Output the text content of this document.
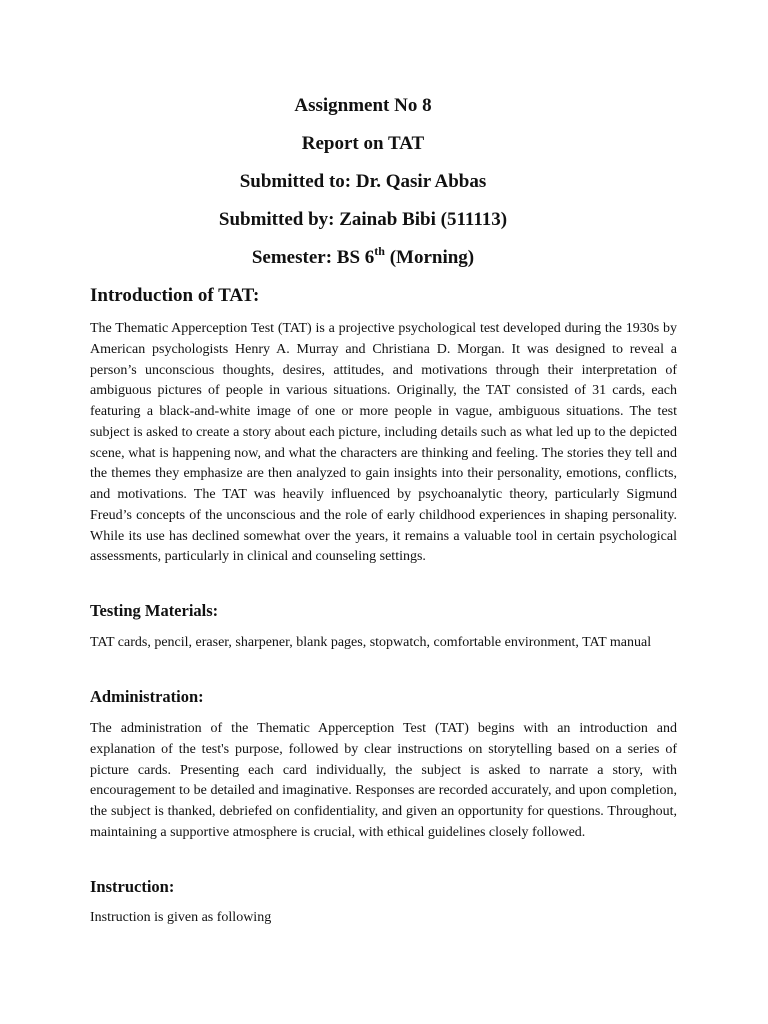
Assignment No 8
Report on TAT
Submitted to: Dr. Qasir Abbas
Submitted by: Zainab Bibi (511113)
Semester: BS 6th (Morning)
Introduction of TAT:

The Thematic Apperception Test (TAT) is a projective psychological test developed during the 1930s by American psychologists Henry A. Murray and Christiana D. Morgan. It was designed to reveal a person’s unconscious thoughts, desires, attitudes, and motivations through their interpretation of ambiguous pictures of people in various situations. Originally, the TAT consisted of 31 cards, each featuring a black-and-white image of one or more people in vague, ambiguous situations. The test subject is asked to create a story about each picture, including details such as what led up to the depicted scene, what is happening now, and what the characters are thinking and feeling. The stories they tell and the themes they emphasize are then analyzed to gain insights into their personality, emotions, conflicts, and motivations. The TAT was heavily influenced by psychoanalytic theory, particularly Sigmund Freud’s concepts of the unconscious and the role of early childhood experiences in shaping personality. While its use has declined somewhat over the years, it remains a valuable tool in certain psychological assessments, particularly in clinical and counseling settings.

Testing Materials:

TAT cards, pencil, eraser, sharpener, blank pages, stopwatch, comfortable environment, TAT manual

Administration:

The administration of the Thematic Apperception Test (TAT) begins with an introduction and explanation of the test's purpose, followed by clear instructions on storytelling based on a series of picture cards. Presenting each card individually, the subject is asked to narrate a story, with encouragement to be detailed and imaginative. Responses are recorded accurately, and upon completion, the subject is thanked, debriefed on confidentiality, and given an opportunity for questions. Throughout, maintaining a supportive atmosphere is crucial, with ethical guidelines closely followed.

Instruction:

Instruction is given as following
